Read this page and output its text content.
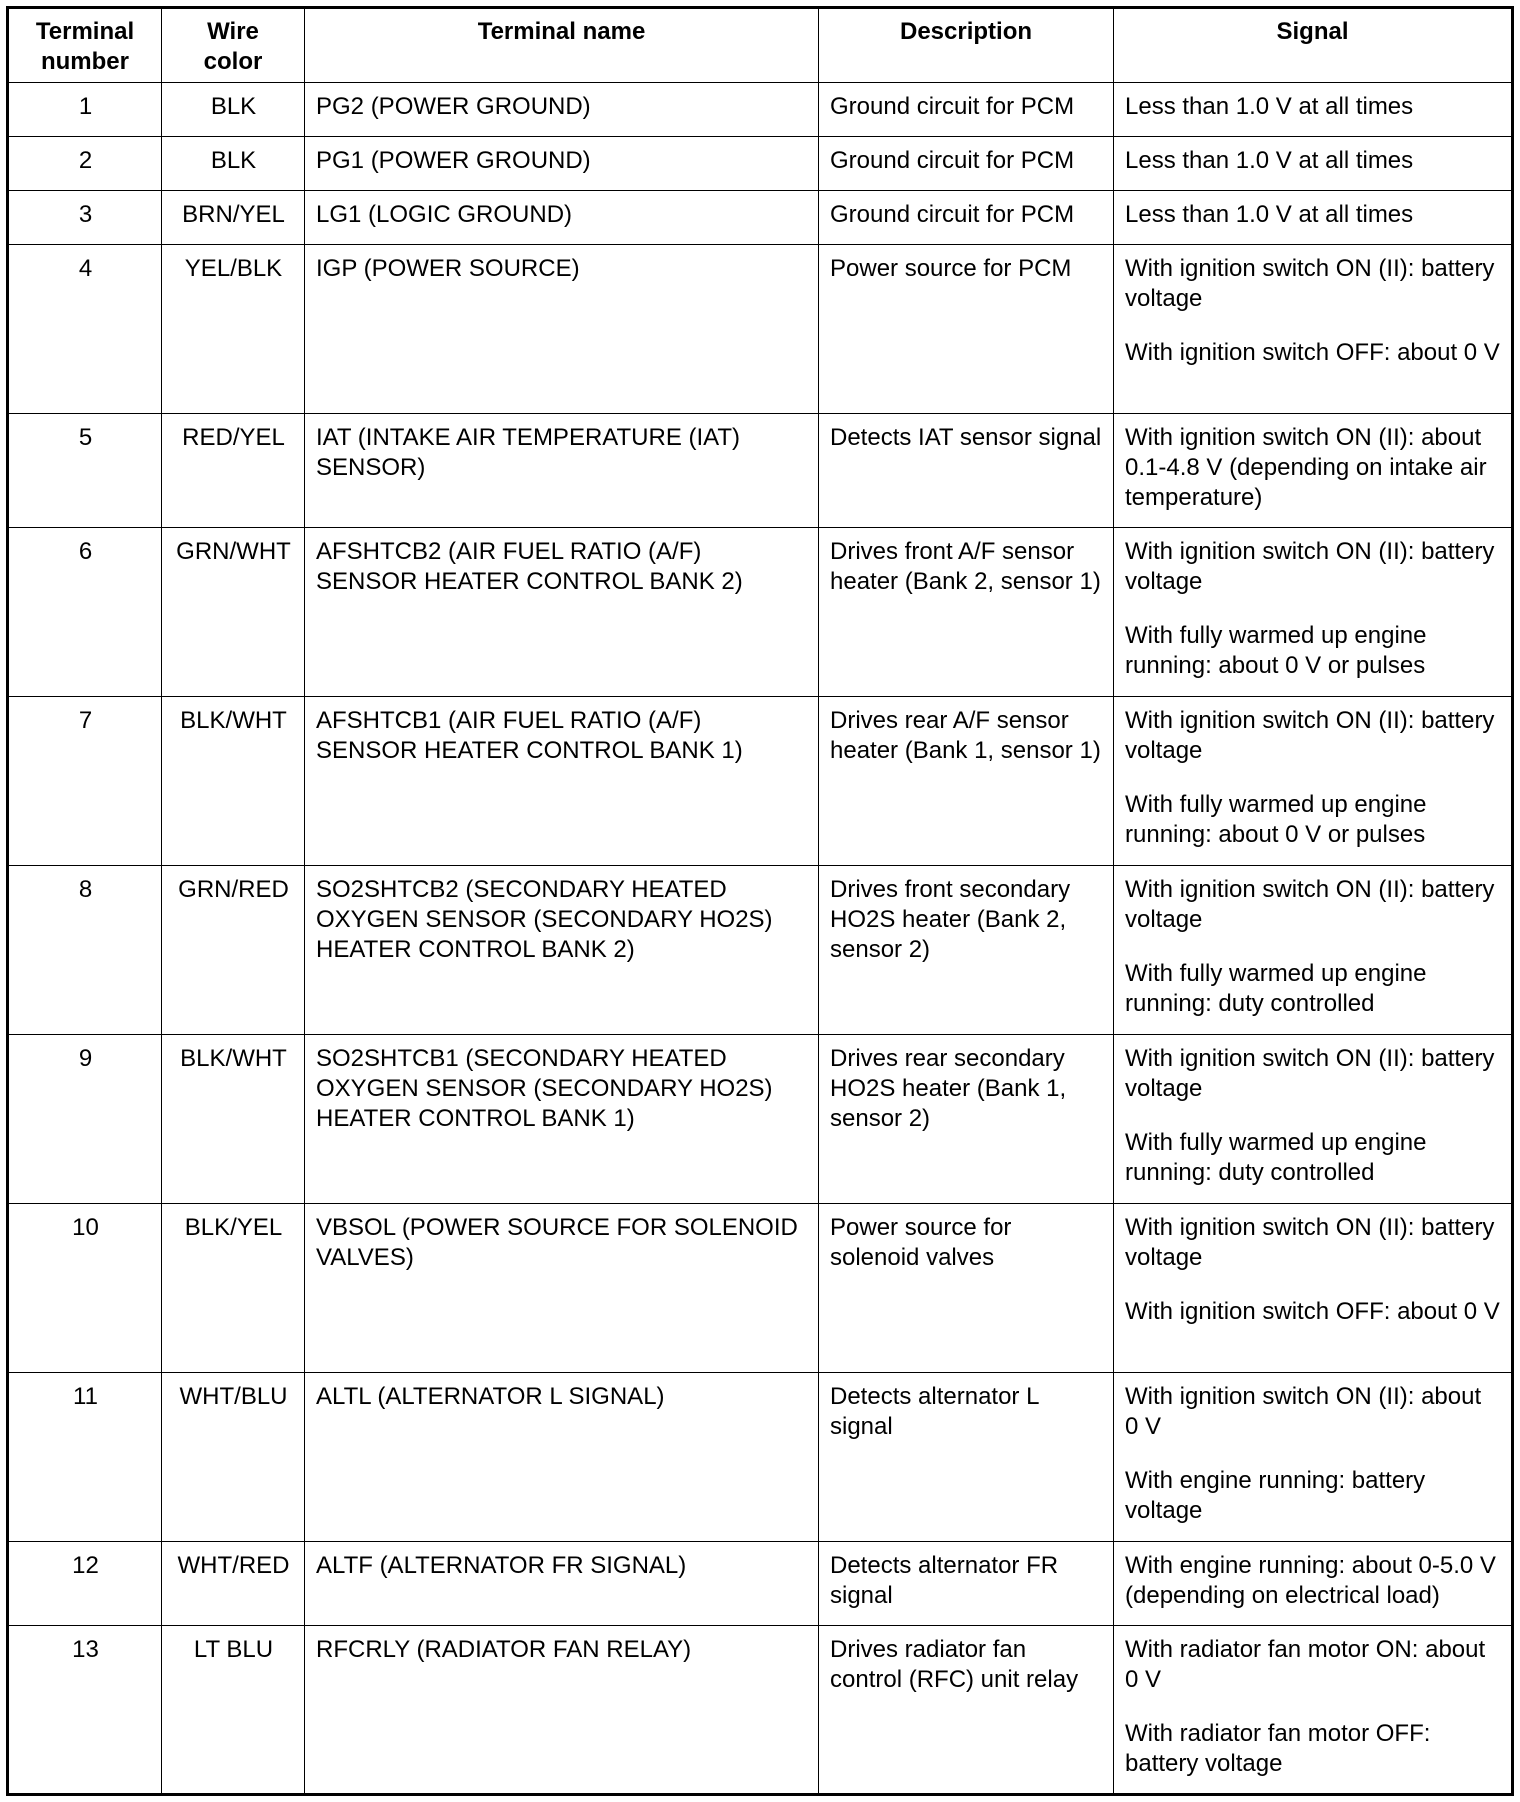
Terminal number	Wire color	Terminal name	Description	Signal
1	BLK	PG2 (POWER GROUND)	Ground circuit for PCM	Less than 1.0 V at all times

2	BLK	PG1 (POWER GROUND)	Ground circuit for PCM	Less than 1.0 V at all times

3	BRN/YEL	LG1 (LOGIC GROUND)	Ground circuit for PCM	Less than 1.0 V at all times

4	YEL/BLK	IGP (POWER SOURCE)	Power source for PCM	With ignition switch ON (II): battery voltage

With ignition switch OFF: about 0 V

5	RED/YEL	IAT (INTAKE AIR TEMPERATURE (IAT) SENSOR)	Detects IAT sensor signal	With ignition switch ON (II): about 0.1-4.8 V (depending on intake air temperature)

6	GRN/WHT	AFSHTCB2 (AIR FUEL RATIO (A/F) SENSOR HEATER CONTROL BANK 2)	Drives front A/F sensor heater (Bank 2, sensor 1)	With ignition switch ON (II): battery voltage

With fully warmed up engine running: about 0 V or pulses

7	BLK/WHT	AFSHTCB1 (AIR FUEL RATIO (A/F) SENSOR HEATER CONTROL BANK 1)	Drives rear A/F sensor heater (Bank 1, sensor 1)	With ignition switch ON (II): battery voltage

With fully warmed up engine running: about 0 V or pulses

8	GRN/RED	SO2SHTCB2 (SECONDARY HEATED OXYGEN SENSOR (SECONDARY HO2S) HEATER CONTROL BANK 2)	Drives front secondary HO2S heater (Bank 2, sensor 2)	With ignition switch ON (II): battery voltage

With fully warmed up engine running: duty controlled

9	BLK/WHT	SO2SHTCB1 (SECONDARY HEATED OXYGEN SENSOR (SECONDARY HO2S) HEATER CONTROL BANK 1)	Drives rear secondary HO2S heater (Bank 1, sensor 2)	With ignition switch ON (II): battery voltage

With fully warmed up engine running: duty controlled

10	BLK/YEL	VBSOL (POWER SOURCE FOR SOLENOID VALVES)	Power source for solenoid valves	With ignition switch ON (II): battery voltage

With ignition switch OFF: about 0 V

11	WHT/BLU	ALTL (ALTERNATOR L SIGNAL)	Detects alternator L signal	With ignition switch ON (II): about 0 V

With engine running: battery voltage

12	WHT/RED	ALTF (ALTERNATOR FR SIGNAL)	Detects alternator FR signal	With engine running: about 0-5.0 V (depending on electrical load)

13	LT BLU	RFCRLY (RADIATOR FAN RELAY)	Drives radiator fan control (RFC) unit relay	With radiator fan motor ON: about 0 V

With radiator fan motor OFF: battery voltage
